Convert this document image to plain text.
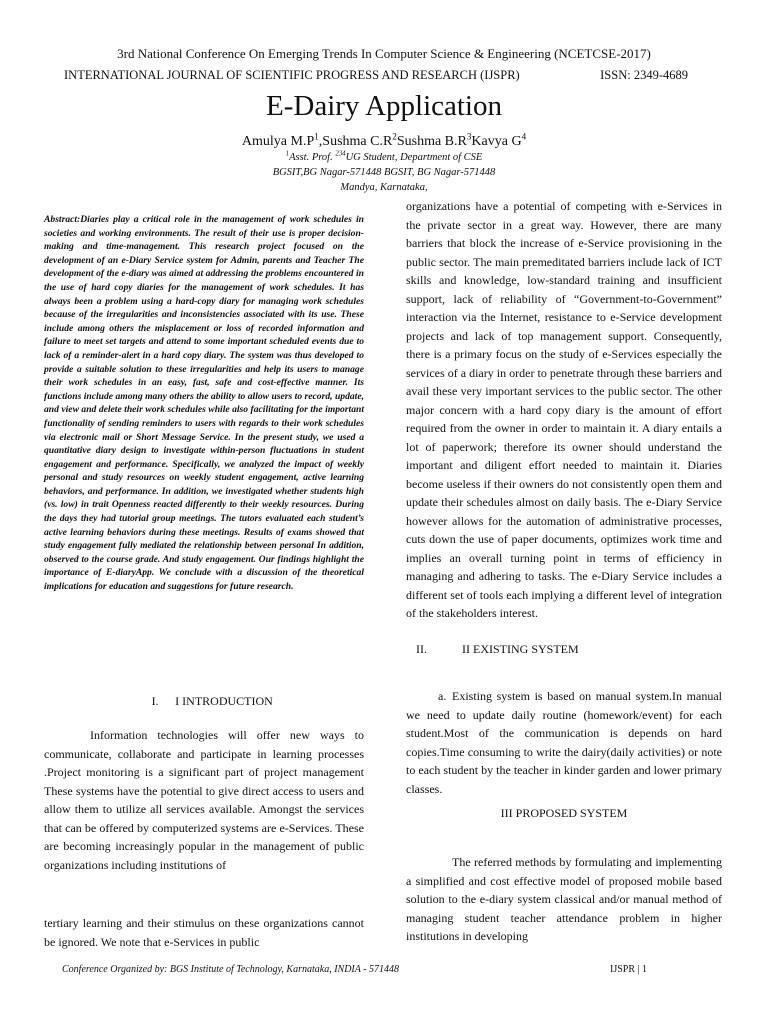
3rd National Conference On Emerging Trends In Computer Science & Engineering (NCETCSE-2017)
INTERNATIONAL JOURNAL OF SCIENTIFIC PROGRESS AND RESEARCH (IJSPR)	ISSN: 2349-4689
E-Dairy Application
Amulya $M.P^1,Sushma$ $C.R^2Sushma$ $B.R^3Kavya$ $G^4$
$^1$Asst. Prof. $^{234}$UG Student, Department of CSE
BGSIT,BG Nagar-571448 BGSIT, BG Nagar-571448
Mandya, Karnataka,
Abstract:Diaries play a critical role in the management of work schedules in societies and working environments. The result of their use is proper decision-making and time-management. This research project focused on the development of an e-Diary Service system for Admin, parents and Teacher The development of the e-diary was aimed at addressing the problems encountered in the use of hard copy diaries for the management of work schedules. It has always been a problem using a hard-copy diary for managing work schedules because of the irregularities and inconsistencies associated with its use. These include among others the misplacement or loss of recorded information and failure to meet set targets and attend to some important scheduled events due to lack of a reminder-alert in a hard copy diary. The system was thus developed to provide a suitable solution to these irregularities and help its users to manage their work schedules in an easy, fast, safe and cost-effective manner. Its functions include among many others the ability to allow users to record, update, and view and delete their work schedules while also facilitating for the important functionality of sending reminders to users with regards to their work schedules via electronic mail or Short Message Service. In the present study, we used a quantitative diary design to investigate within-person fluctuations in student engagement and performance. Specifically, we analyzed the impact of weekly personal and study resources on weekly student engagement, active learning behaviors, and performance. In addition, we investigated whether students high (vs. low) in trait Openness reacted differently to their weekly resources. During the days they had tutorial group meetings. The tutors evaluated each student’s active learning behaviors during these meetings. Results of exams showed that study engagement fully mediated the relationship between personal In addition, observed to the course grade. And study engagement. Our findings highlight the importance of E-diaryApp. We conclude with a discussion of the theoretical implications for education and suggestions for future research.
I. I INTRODUCTION
Information technologies will offer new ways to communicate, collaborate and participate in learning processes .Project monitoring is a significant part of project management These systems have the potential to give direct access to users and allow them to utilize all services available. Amongst the services that can be offered by computerized systems are e-Services. These are becoming increasingly popular in the management of public organizations including institutions of
tertiary learning and their stimulus on these organizations cannot be ignored. We note that e-Services in public
organizations have a potential of competing with e-Services in the private sector in a great way. However, there are many barriers that block the increase of e-Service provisioning in the public sector. The main premeditated barriers include lack of ICT skills and knowledge, low-standard training and insufficient support, lack of reliability of “Government-to-Government” interaction via the Internet, resistance to e-Service development projects and lack of top management support. Consequently, there is a primary focus on the study of e-Services especially the services of a diary in order to penetrate through these barriers and avail these very important services to the public sector. The other major concern with a hard copy diary is the amount of effort required from the owner in order to maintain it. A diary entails a lot of paperwork; therefore its owner should understand the important and diligent effort needed to maintain it. Diaries become useless if their owners do not consistently open them and update their schedules almost on daily basis. The e-Diary Service however allows for the automation of administrative processes, cuts down the use of paper documents, optimizes work time and implies an overall turning point in terms of efficiency in managing and adhering to tasks. The e-Diary Service includes a different set of tools each implying a different level of integration of the stakeholders interest.
II.	II EXISTING SYSTEM
a. Existing system is based on manual system.In manual we need to update daily routine (homework/event) for each student.Most of the communication is depends on hard copies.Time consuming to write the dairy(daily activities) or note to each student by the teacher in kinder garden and lower primary classes.
III PROPOSED SYSTEM
The referred methods by formulating and implementing a simplified and cost effective model of proposed mobile based solution to the e-diary system classical and/or manual method of managing student teacher attendance problem in higher institutions in developing
Conference Organized by: BGS Institute of Technology, Karnataka, INDIA - 571448	IJSPR | 1
